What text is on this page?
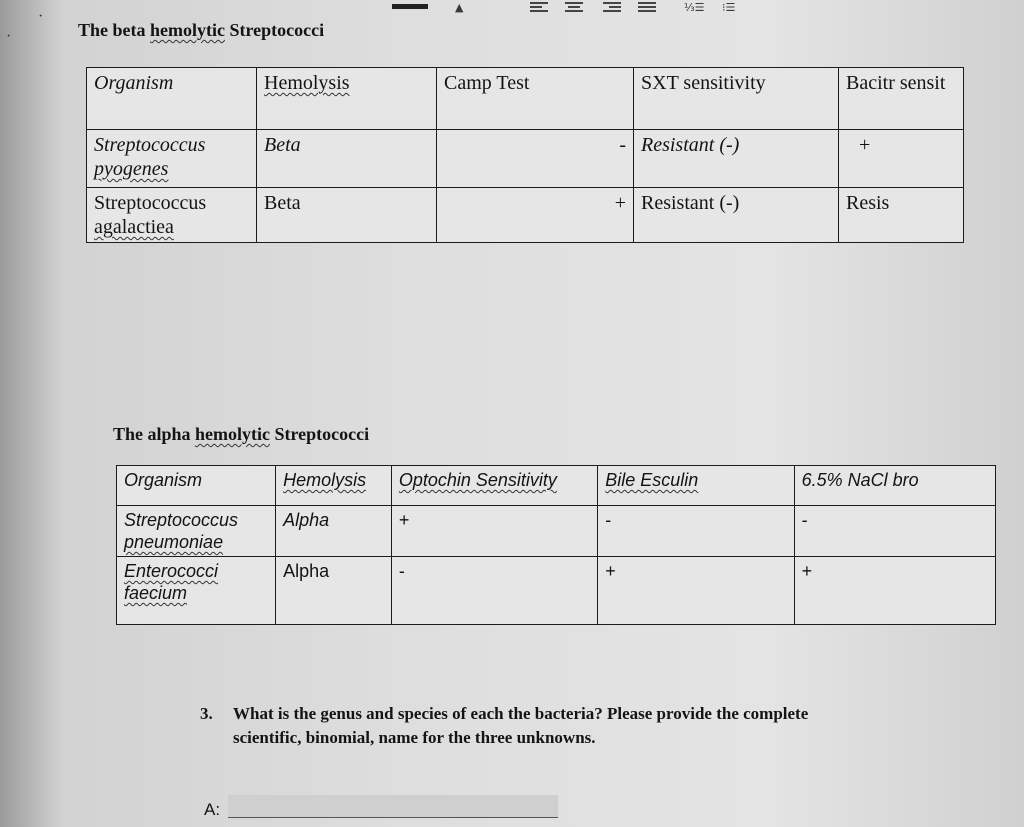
▲	⅓☰ ⁝☰
·
·
The beta hemolytic Streptococci
Organism	Hemolysis	Camp Test	SXT sensitivity	Bacitr sensit

Streptococcus
pyogenes	Beta	-	Resistant (-)	+

Streptococcus
agalactiea	Beta	+	Resistant (-)	Resis
The alpha hemolytic Streptococci
Organism	Hemolysis	Optochin Sensitivity	Bile Esculin	6.5% NaCl bro

Streptococcus
pneumoniae	Alpha	+	-	-

Enterococci
faecium	Alpha	-	+	+
3. What is the genus and species of each the bacteria? Please provide the complete scientific, binomial, name for the three unknowns.
A:
